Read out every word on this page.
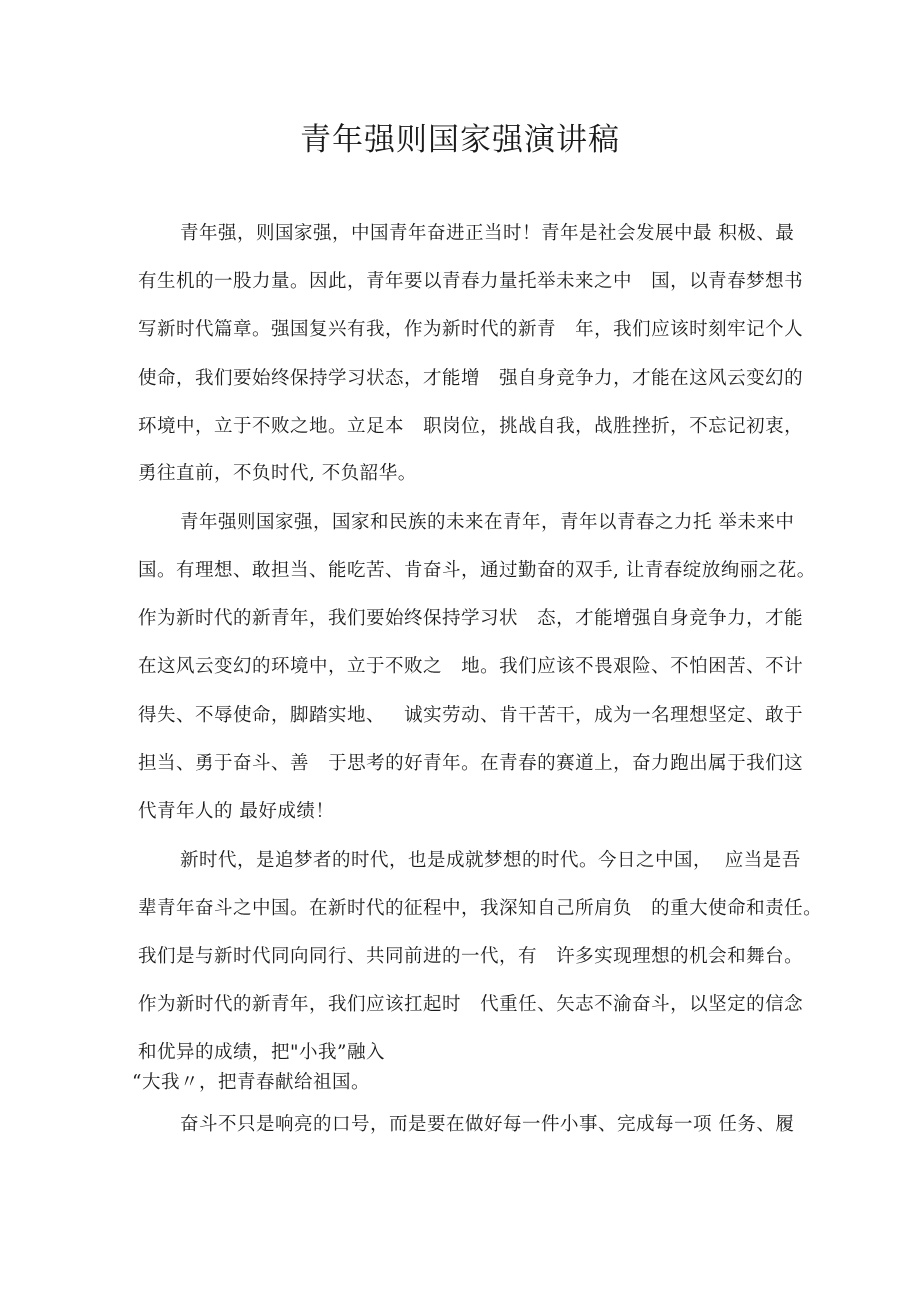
青年强则国家强演讲稿
青年强，则国家强，中国青年奋进正当时！青年是社会发展中最 积极、最
有生机的一股力量。因此，青年要以青春力量托举未来之中   国，以青春梦想书
写新时代篇章。强国复兴有我，作为新时代的新青   年，我们应该时刻牢记个人
使命，我们要始终保持学习状态，才能增   强自身竞争力，才能在这风云变幻的
环境中，立于不败之地。立足本   职岗位，挑战自我，战胜挫折，不忘记初衷，
勇往直前，不负时代, 不负韶华。
青年强则国家强，国家和民族的未来在青年，青年以青春之力托 举未来中
国。有理想、敢担当、能吃苦、肯奋斗，通过勤奋的双手, 让青春绽放绚丽之花。
作为新时代的新青年，我们要始终保持学习状   态，才能增强自身竞争力，才能
在这风云变幻的环境中，立于不败之   地。我们应该不畏艰险、不怕困苦、不计
得失、不辱使命，脚踏实地、   诚实劳动、肯干苦干，成为一名理想坚定、敢于
担当、勇于奋斗、善   于思考的好青年。在青春的赛道上，奋力跑出属于我们这
代青年人的 最好成绩！
新时代，是追梦者的时代，也是成就梦想的时代。今日之中国，  应当是吾
辈青年奋斗之中国。在新时代的征程中，我深知自己所肩负   的重大使命和责任。
我们是与新时代同向同行、共同前进的一代，有   许多实现理想的机会和舞台。
作为新时代的新青年，我们应该扛起时   代重任、矢志不渝奋斗，以坚定的信念
和优异的成绩，把"小我”融入
“大我〃，把青春献给祖国。
奋斗不只是响亮的口号，而是要在做好每一件小事、完成每一项 任务、履
